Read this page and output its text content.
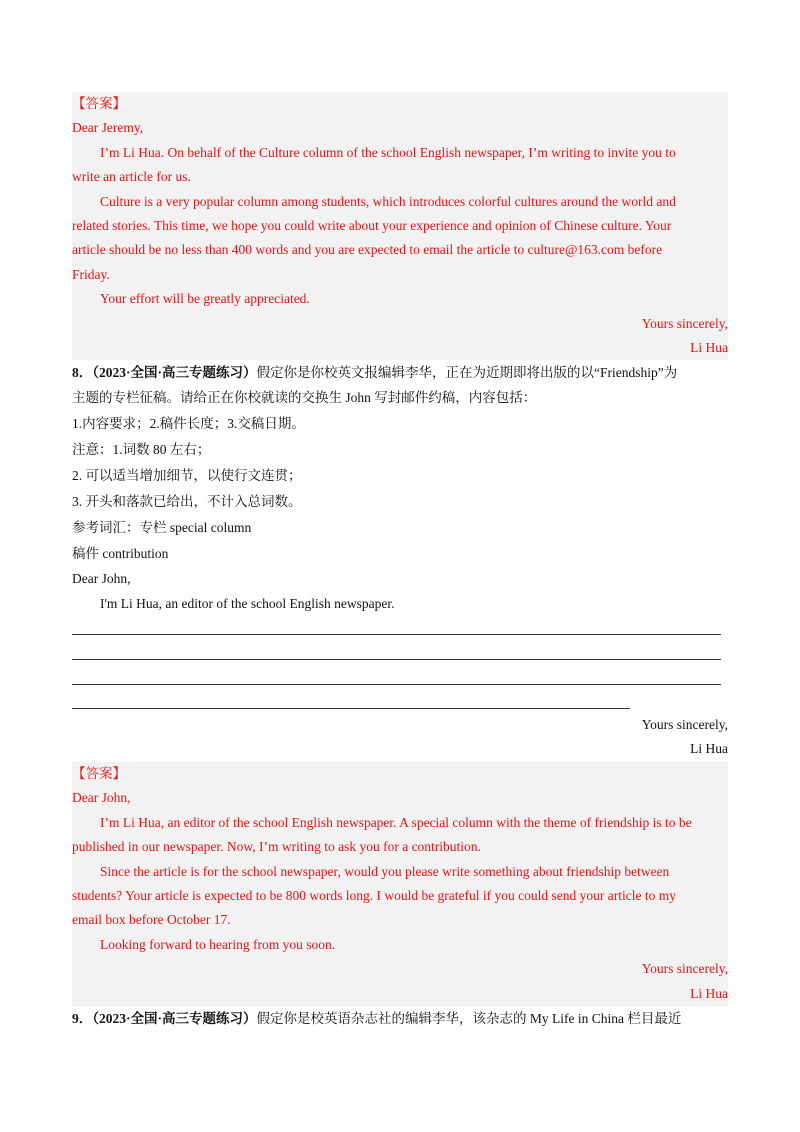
【答案】
Dear Jeremy,
I’m Li Hua. On behalf of the Culture column of the school English newspaper, I’m writing to invite you to
write an article for us.
Culture is a very popular column among students, which introduces colorful cultures around the world and
related stories. This time, we hope you could write about your experience and opinion of Chinese culture. Your
article should be no less than 400 words and you are expected to email the article to culture@163.com before
Friday.
Your effort will be greatly appreciated.
Yours sincerely,
Li Hua
8．（2023·全国·高三专题练习）假定你是你校英文报编辑李华，正在为近期即将出版的以“Friendship”为
主题的专栏征稿。请给正在你校就读的交换生 John 写封邮件约稿，内容包括：
1.内容要求；2.稿件长度；3.交稿日期。
注意：1.词数 80 左右；
2. 可以适当增加细节，以使行文连贯；
3. 开头和落款已给出，不计入总词数。
参考词汇：专栏 special column
稿件 contribution
Dear John,
I'm Li Hua, an editor of the school English newspaper.
Yours sincerely,
Li Hua
【答案】
Dear John,
I’m Li Hua, an editor of the school English newspaper. A special column with the theme of friendship is to be
published in our newspaper. Now, I’m writing to ask you for a contribution.
Since the article is for the school newspaper, would you please write something about friendship between
students? Your article is expected to be 800 words long. I would be grateful if you could send your article to my
email box before October 17.
Looking forward to hearing from you soon.
Yours sincerely,
Li Hua
9．（2023·全国·高三专题练习）假定你是校英语杂志社的编辑李华，该杂志的 My Life in China 栏目最近
